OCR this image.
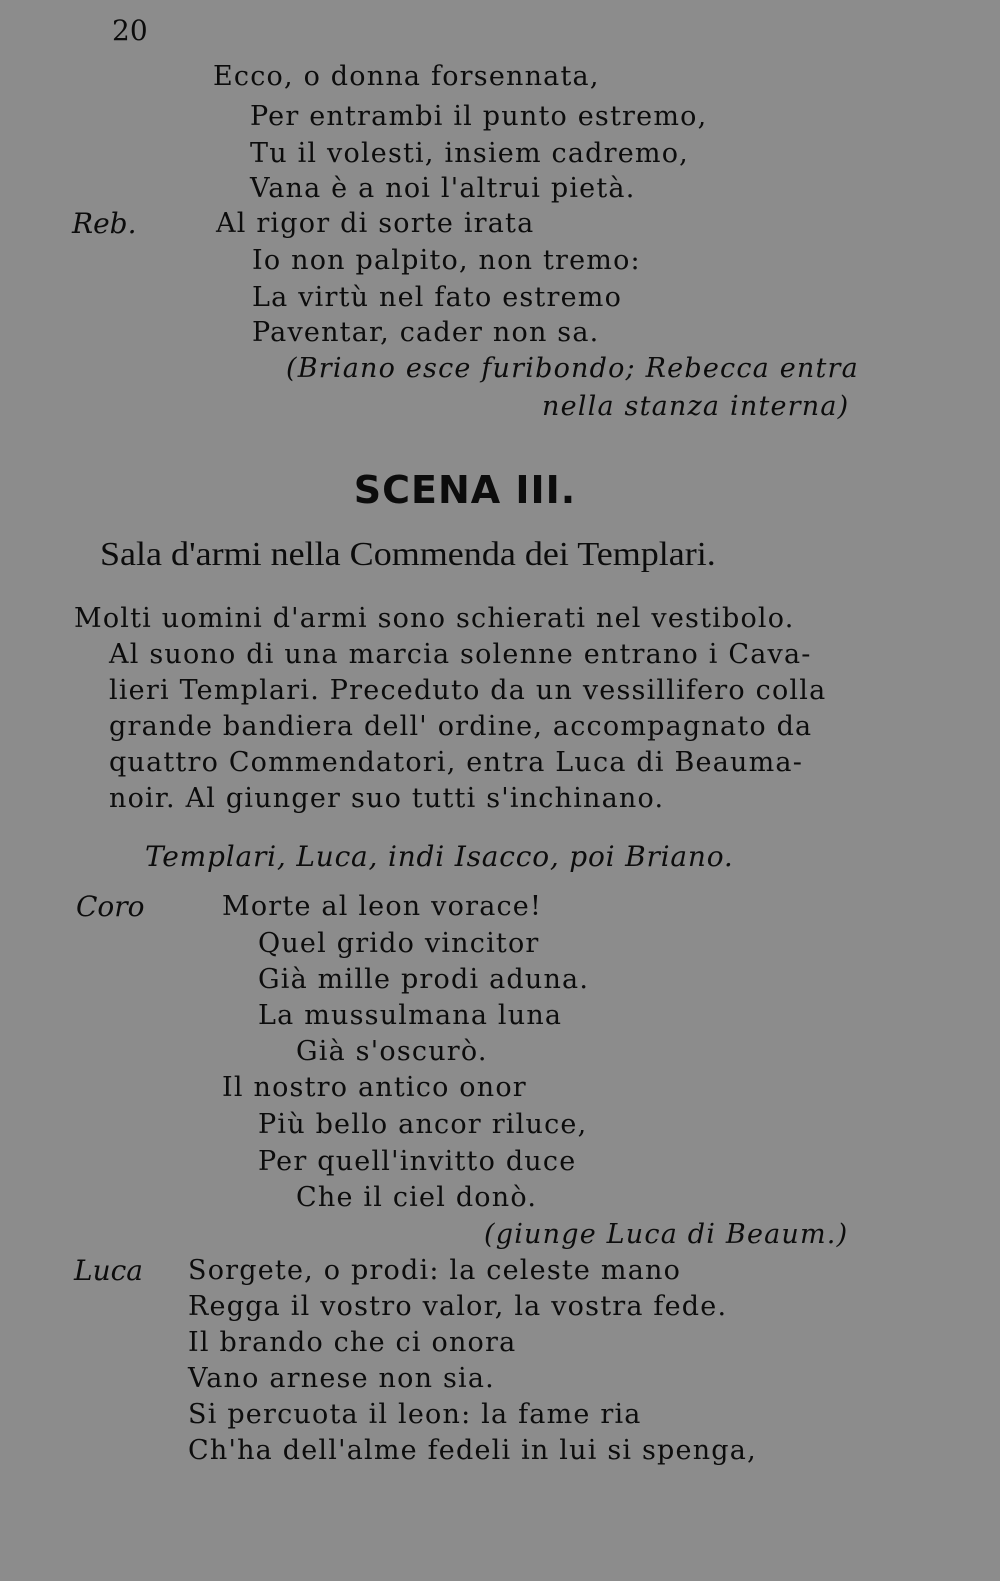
20
Ecco, o donna forsennata,
Per entrambi il punto estremo,
Tu il volesti, insiem cadremo,
Vana è a noi l'altrui pietà.
Reb.	Al rigor di sorte irata
Io non palpito, non tremo:
La virtù nel fato estremo
Paventar, cader non sa.
(Briano esce furibondo; Rebecca entra
nella stanza interna)
SCENA III.
Sala d'armi nella Commenda dei Templari.
Molti uomini d'armi sono schierati nel vestibolo.
Al suono di una marcia solenne entrano i Cava-
lieri Templari. Preceduto da un vessillifero colla
grande bandiera dell' ordine, accompagnato da
quattro Commendatori, entra Luca di Beauma-
noir. Al giunger suo tutti s'inchinano.
Templari, Luca, indi Isacco, poi Briano.
Coro	Morte al leon vorace!
Quel grido vincitor
Già mille prodi aduna.
La mussulmana luna
Già s'oscurò.
Il nostro antico onor
Più bello ancor riluce,
Per quell'invitto duce
Che il ciel donò.
(giunge Luca di Beaum.)
Luca Sorgete, o prodi: la celeste mano
Regga il vostro valor, la vostra fede.
Il brando che ci onora
Vano arnese non sia.
Si percuota il leon: la fame ria
Ch'ha dell'alme fedeli in lui si spenga,
